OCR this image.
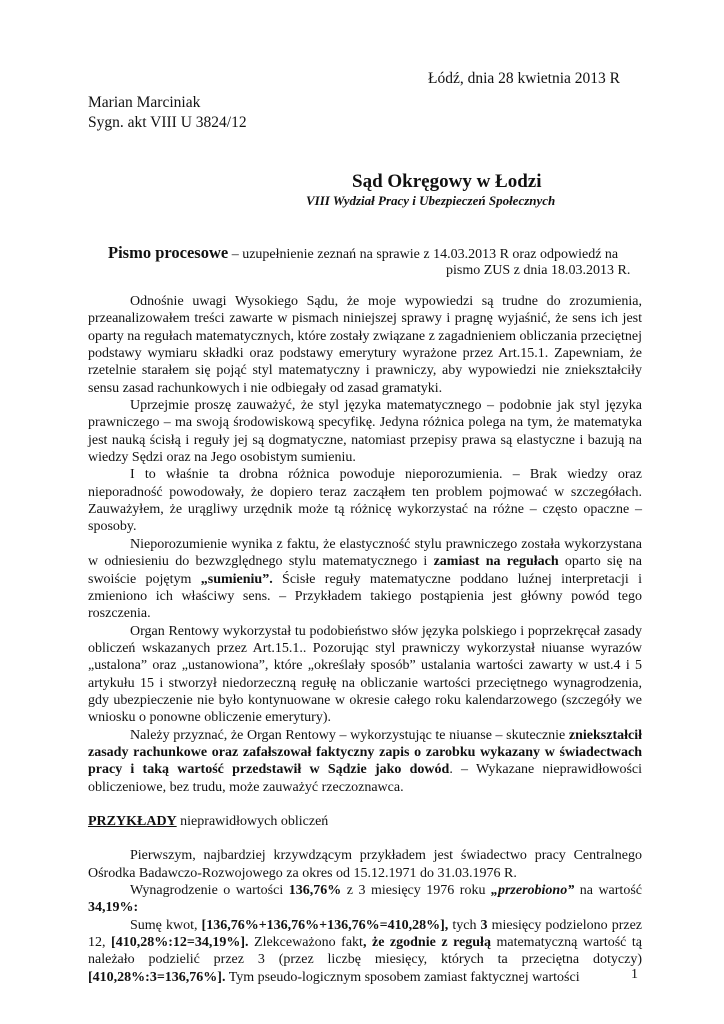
Łódź, dnia 28 kwietnia 2013 R
Marian Marciniak
Sygn. akt VIII U 3824/12
Sąd Okręgowy w Łodzi
VIII Wydział Pracy i Ubezpieczeń Społecznych
Pismo procesowe – uzupełnienie zeznań na sprawie z 14.03.2013 R oraz odpowiedź na
pismo ZUS z dnia 18.03.2013 R.

Odnośnie uwagi Wysokiego Sądu, że moje wypowiedzi są trudne do zrozumienia, przeanalizowałem treści zawarte w pismach niniejszej sprawy i pragnę wyjaśnić, że sens ich jest oparty na regułach matematycznych, które zostały związane z zagadnieniem obliczania przeciętnej podstawy wymiaru składki oraz podstawy emerytury wyrażone przez Art.15.1. Zapewniam, że rzetelnie starałem się pojąć styl matematyczny i prawniczy, aby wypowiedzi nie zniekształciły sensu zasad rachunkowych i nie odbiegały od zasad gramatyki.

Uprzejmie proszę zauważyć, że styl języka matematycznego – podobnie jak styl języka prawniczego – ma swoją środowiskową specyfikę. Jedyna różnica polega na tym, że matematyka jest nauką ścisłą i reguły jej są dogmatyczne, natomiast przepisy prawa są elastyczne i bazują na wiedzy Sędzi oraz na Jego osobistym sumieniu.

I to właśnie ta drobna różnica powoduje nieporozumienia. – Brak wiedzy oraz nieporadność powodowały, że dopiero teraz zacząłem ten problem pojmować w szczegółach. Zauważyłem, że urągliwy urzędnik może tą różnicę wykorzystać na różne – często opaczne – sposoby.

Nieporozumienie wynika z faktu, że elastyczność stylu prawniczego została wykorzystana w odniesieniu do bezwzględnego stylu matematycznego i zamiast na regułach oparto się na swoiście pojętym „sumieniu”. Ścisłe reguły matematyczne poddano luźnej interpretacji i zmieniono ich właściwy sens. – Przykładem takiego postąpienia jest główny powód tego roszczenia.

Organ Rentowy wykorzystał tu podobieństwo słów języka polskiego i poprzekręcał zasady obliczeń wskazanych przez Art.15.1.. Pozorując styl prawniczy wykorzystał niuanse wyrazów „ustalona” oraz „ustanowiona”, które „określały sposób” ustalania wartości zawarty w ust.4 i 5 artykułu 15 i stworzył niedorzeczną regułę na obliczanie wartości przeciętnego wynagrodzenia, gdy ubezpieczenie nie było kontynuowane w okresie całego roku kalendarzowego (szczegóły we wniosku o ponowne obliczenie emerytury).

Należy przyznać, że Organ Rentowy – wykorzystując te niuanse – skutecznie zniekształcił zasady rachunkowe oraz zafałszował faktyczny zapis o zarobku wykazany w świadectwach pracy i taką wartość przedstawił w Sądzie jako dowód. – Wykazane nieprawidłowości obliczeniowe, bez trudu, może zauważyć rzeczoznawca.

PRZYKŁADY nieprawidłowych obliczeń

Pierwszym, najbardziej krzywdzącym przykładem jest świadectwo pracy Centralnego Ośrodka Badawczo-Rozwojowego za okres od 15.12.1971 do 31.03.1976 R.

Wynagrodzenie o wartości 136,76% z 3 miesięcy 1976 roku „przerobiono” na wartość 34,19%:

Sumę kwot, [136,76%+136,76%+136,76%=410,28%], tych 3 miesięcy podzielono przez 12, [410,28%:12=34,19%]. Zlekceważono fakt, że zgodnie z regułą matematyczną wartość tą należało podzielić przez 3 (przez liczbę miesięcy, których ta przeciętna dotyczy) [410,28%:3=136,76%]. Tym pseudo-logicznym sposobem zamiast faktycznej wartości	1
